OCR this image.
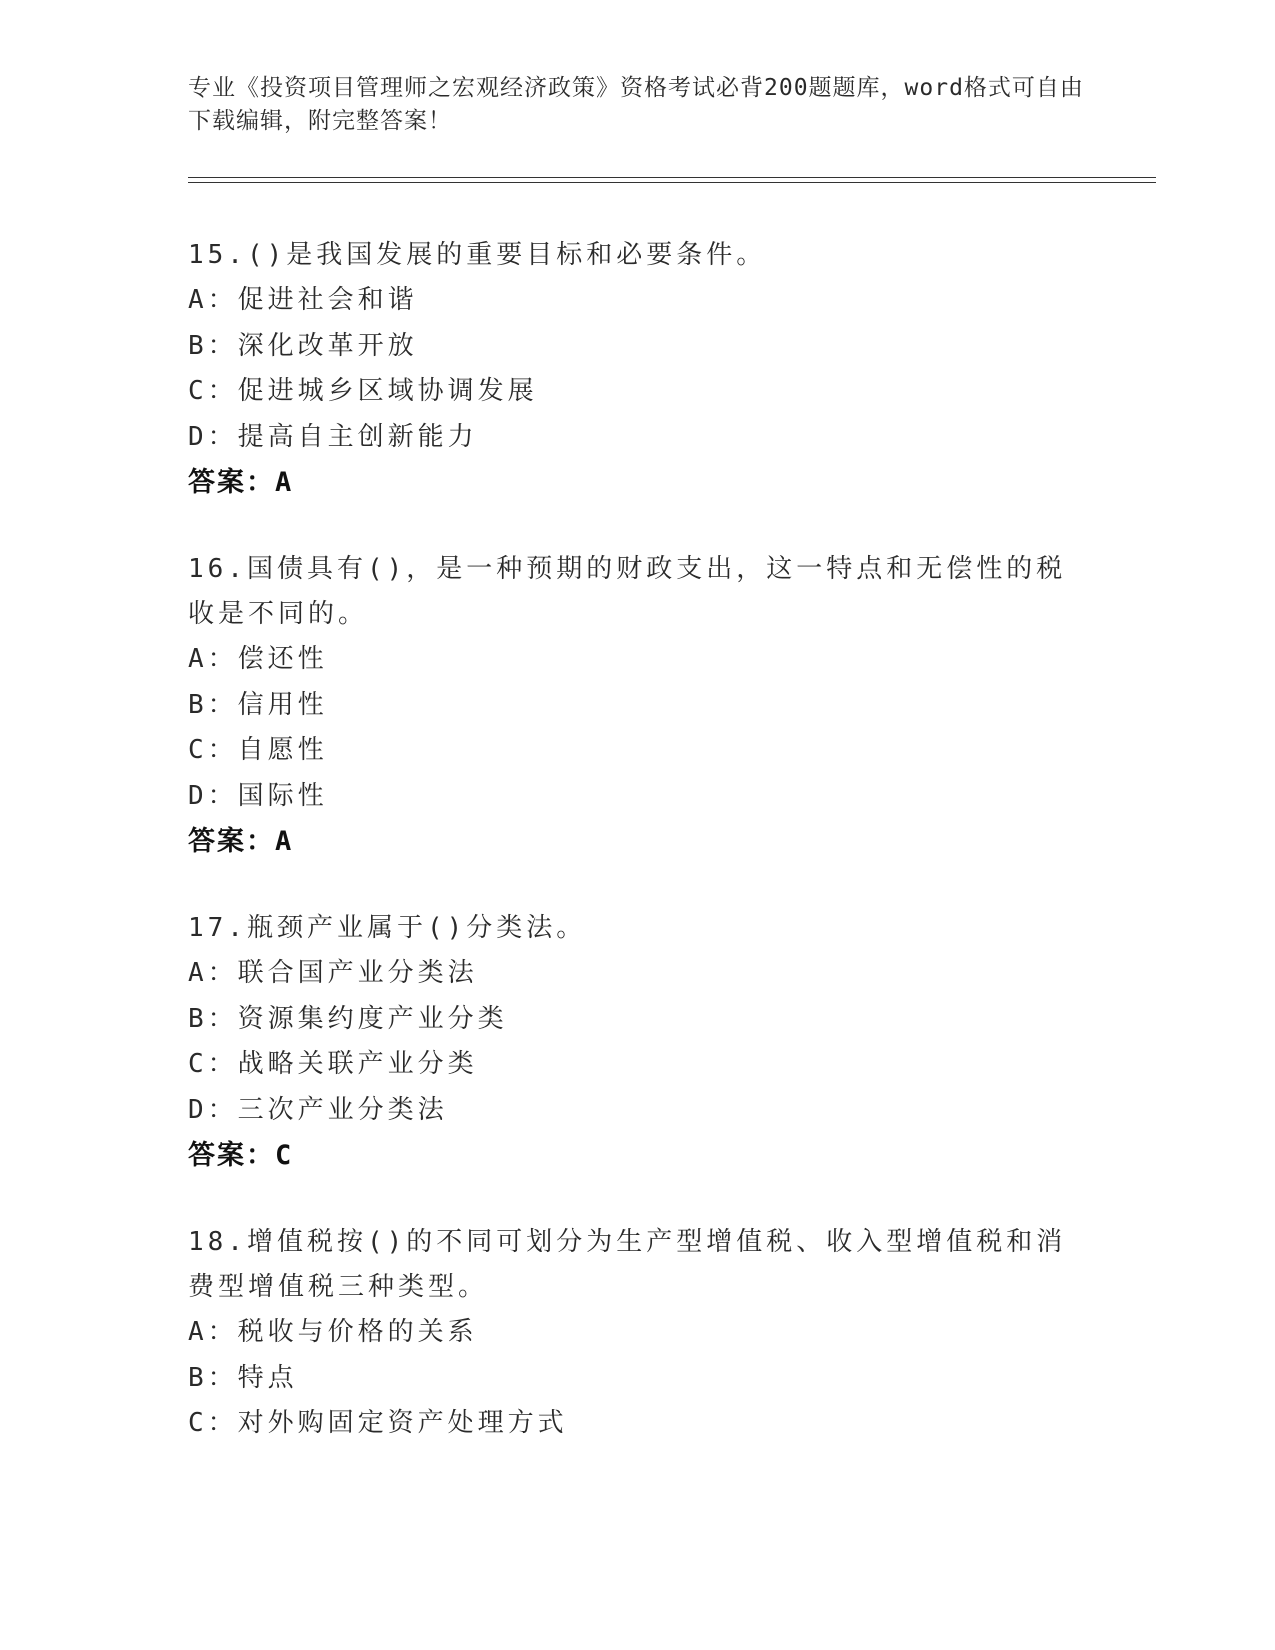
专业《投资项目管理师之宏观经济政策》资格考试必背200题题库，word格式可自由下载编辑，附完整答案！
15.()是我国发展的重要目标和必要条件。
A：促进社会和谐
B：深化改革开放
C：促进城乡区域协调发展
D：提高自主创新能力
答案：A
16.国债具有()，是一种预期的财政支出，这一特点和无偿性的税收是不同的。
A：偿还性
B：信用性
C：自愿性
D：国际性
答案：A
17.瓶颈产业属于()分类法。
A：联合国产业分类法
B：资源集约度产业分类
C：战略关联产业分类
D：三次产业分类法
答案：C
18.增值税按()的不同可划分为生产型增值税、收入型增值税和消费型增值税三种类型。
A：税收与价格的关系
B：特点
C：对外购固定资产处理方式
